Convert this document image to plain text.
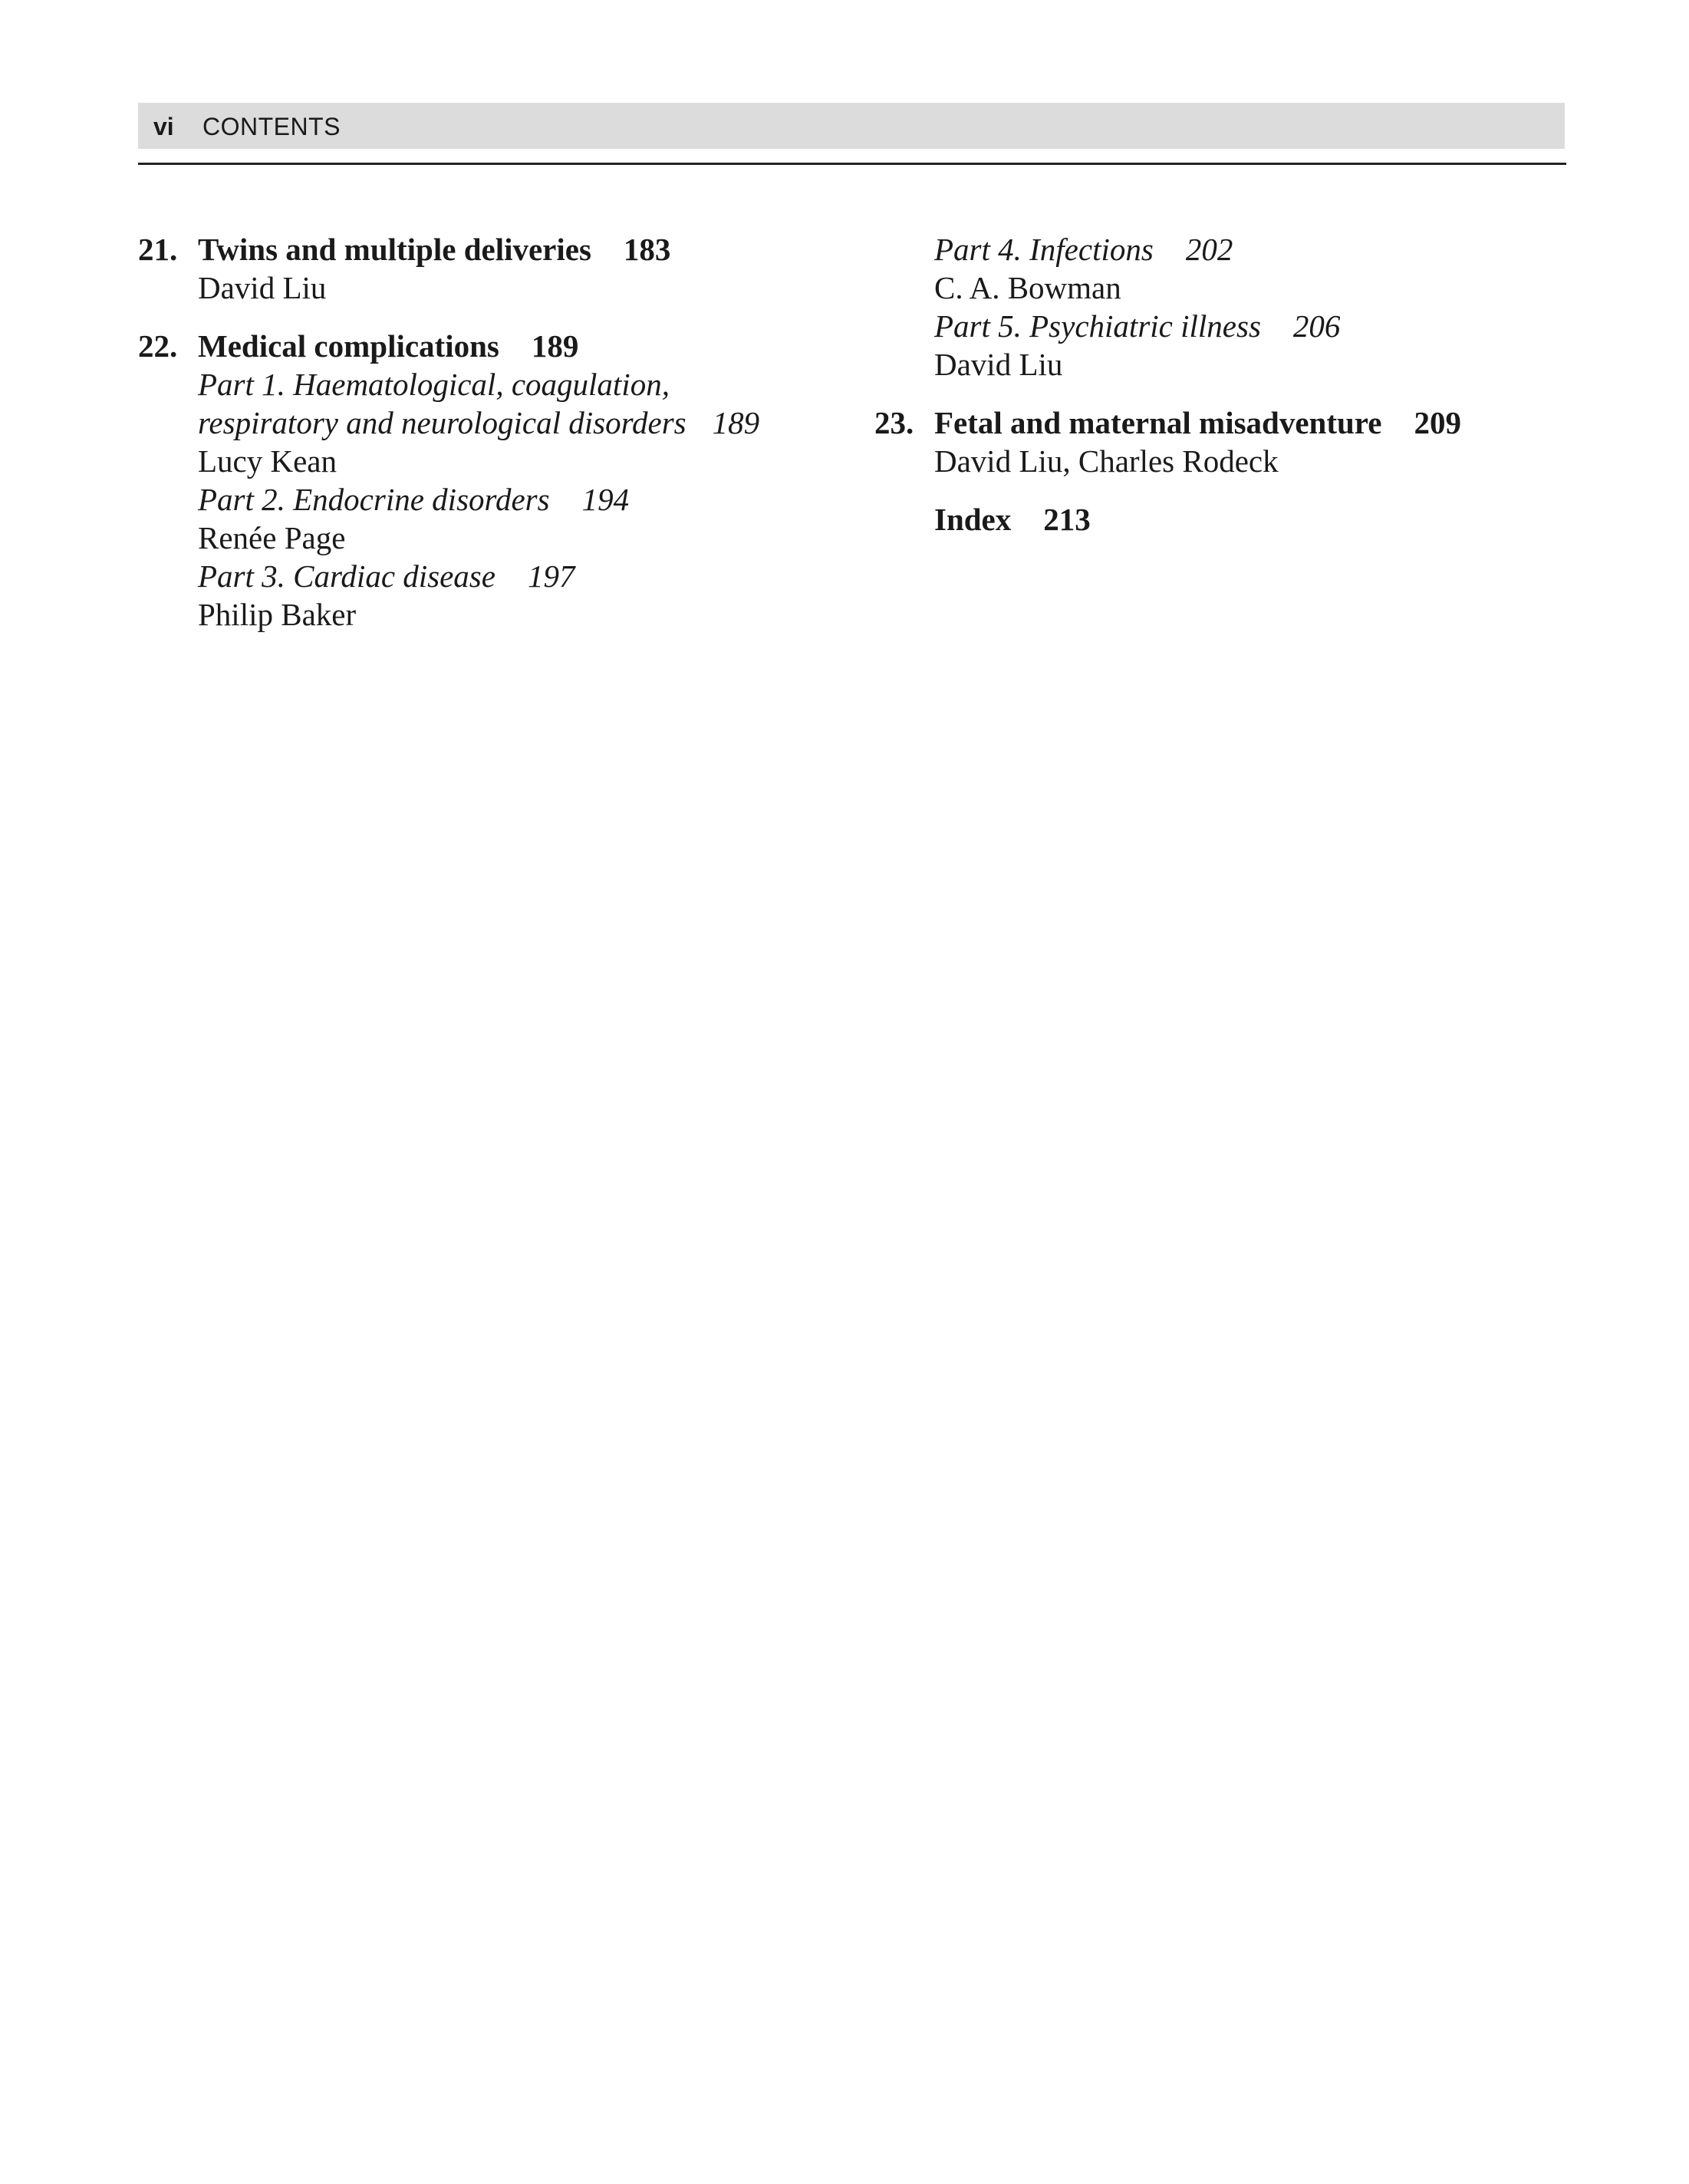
vi CONTENTS
21. Twins and multiple deliveries 183
David Liu
22. Medical complications 189
Part 1. Haematological, coagulation,
respiratory and neurological disorders 189
Lucy Kean
Part 2. Endocrine disorders 194
Renée Page
Part 3. Cardiac disease 197
Philip Baker
Part 4. Infections 202
C. A. Bowman
Part 5. Psychiatric illness 206
David Liu
23. Fetal and maternal misadventure 209
David Liu, Charles Rodeck
Index 213
